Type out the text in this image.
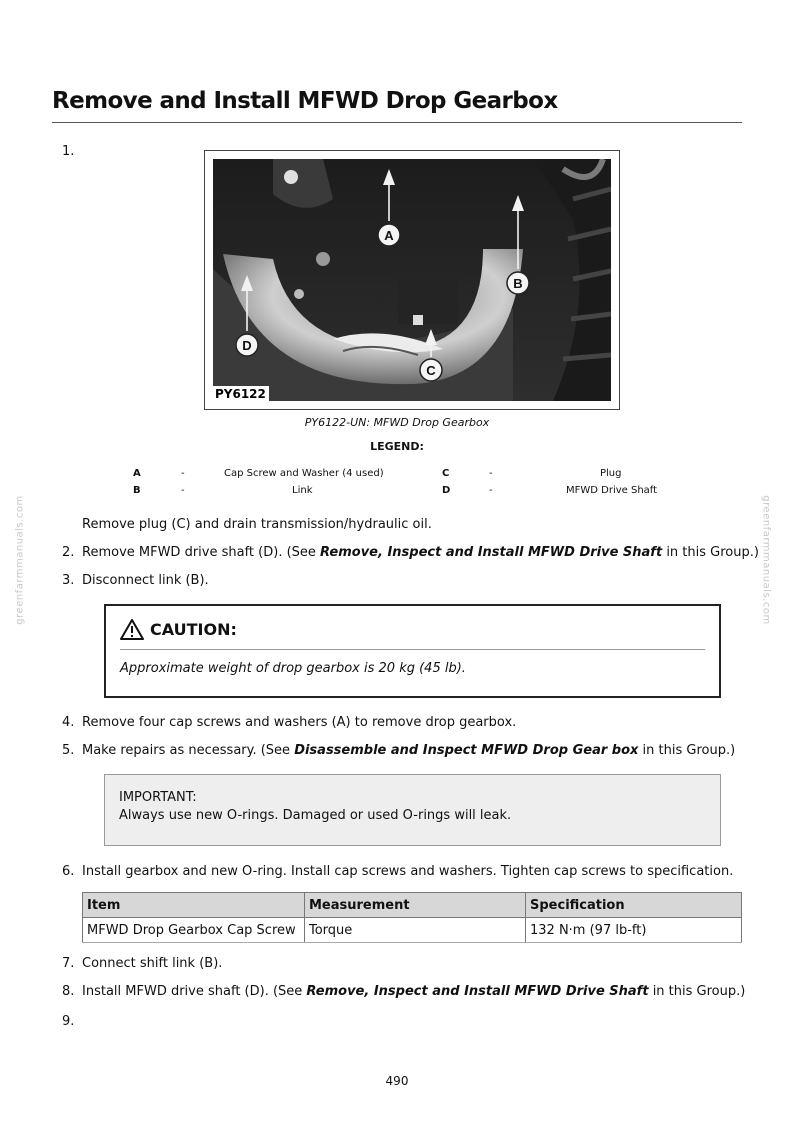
greenfarmmanuals.com	greenfarmmanuals.com
Remove and Install MFWD Drop Gearbox
1.
A
B
C
D
PY6122
PY6122-UN: MFWD Drop Gearbox
LEGEND:
A	-	Cap Screw and Washer (4 used)
B	-	Link
C	-	Plug
D	-	MFWD Drive Shaft
Remove plug (C) and drain transmission/hydraulic oil.
2. Remove MFWD drive shaft (D). (See Remove, Inspect and Install MFWD Drive Shaft in this Group.)
3. Disconnect link (B).
CAUTION:
Approximate weight of drop gearbox is 20 kg (45 lb).
4. Remove four cap screws and washers (A) to remove drop gearbox.
5. Make repairs as necessary. (See Disassemble and Inspect MFWD Drop Gear box in this Group.)
IMPORTANT:
Always use new O-rings. Damaged or used O-rings will leak.
6. Install gearbox and new O-ring. Install cap screws and washers. Tighten cap screws to specification.
Item	Measurement	Specification
MFWD Drop Gearbox Cap Screw	Torque	132 N·m (97 lb-ft)
7. Connect shift link (B).
8. Install MFWD drive shaft (D). (See Remove, Inspect and Install MFWD Drive Shaft in this Group.)
9.
490
